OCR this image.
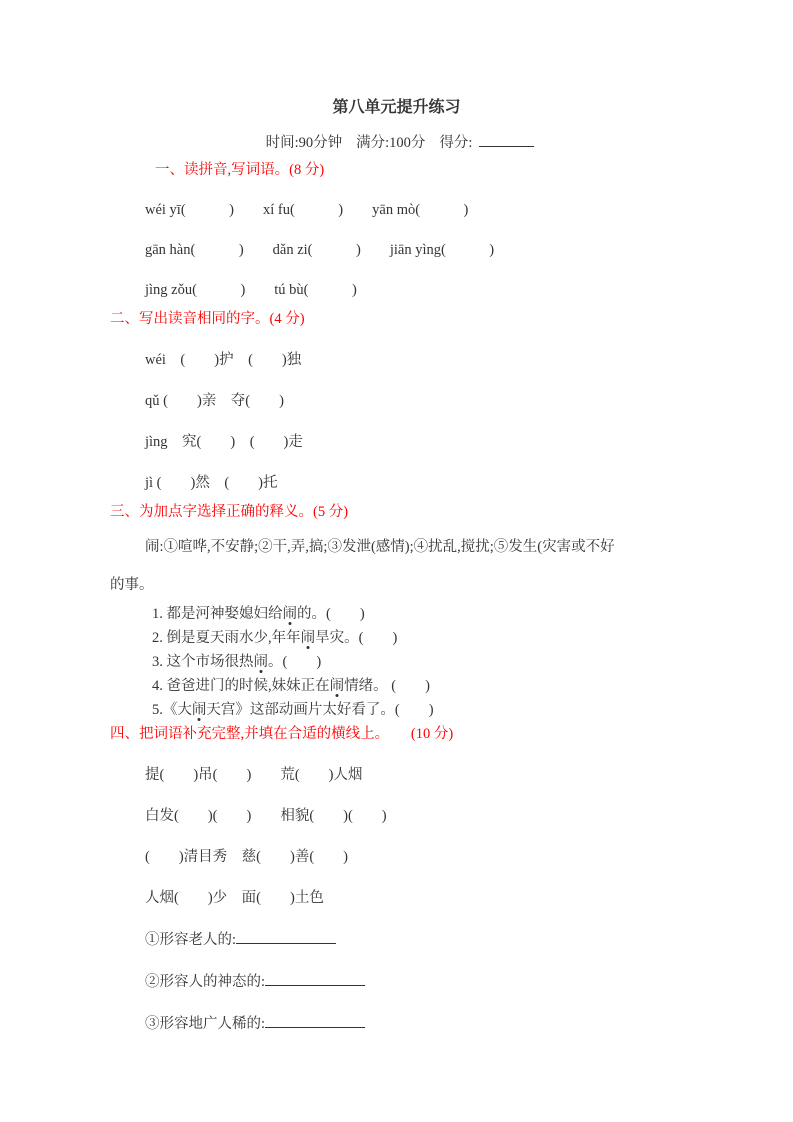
第八单元提升练习
时间:90分钟 满分:100分 得分:
一、读拼音,写词语。(8 分)
wéi yī(　　　)　　xí fu(　　　)　　yān mò(　　　)
gān hàn(　　　)　　dǎn zi(　　　)　　jiān yìng(　　　)
jìng zǒu(　　　)　　tú bù(　　　)
二、写出读音相同的字。(4 分)
wéi　(　　)护　(　　)独
qǔ (　　)亲　夺(　　)
jìng　究(　　)　(　　)走
jì (　　)然　(　　)托
三、为加点字选择正确的释义。(5 分)
闹:①喧哗,不安静;②干,弄,搞;③发泄(感情);④扰乱,搅扰;⑤发生(灾害或不好
的事。
1. 都是河神娶媳妇给闹的。(　　)
2. 倒是夏天雨水少,年年闹旱灾。(　　)
3. 这个市场很热闹。(　　)
4. 爸爸进门的时候,妹妹正在闹情绪。 (　　)
5.《大闹天宫》这部动画片太好看了。(　　)
四、把词语补充完整,并填在合适的横线上。　　(10 分)
提(　　)吊(　　)　　荒(　　)人烟
白发(　　)(　　)　　相貌(　　)(　　)
(　　)清目秀　慈(　　)善(　　)
人烟(　　)少　面(　　)土色
①形容老人的:
②形容人的神态的:
③形容地广人稀的:
